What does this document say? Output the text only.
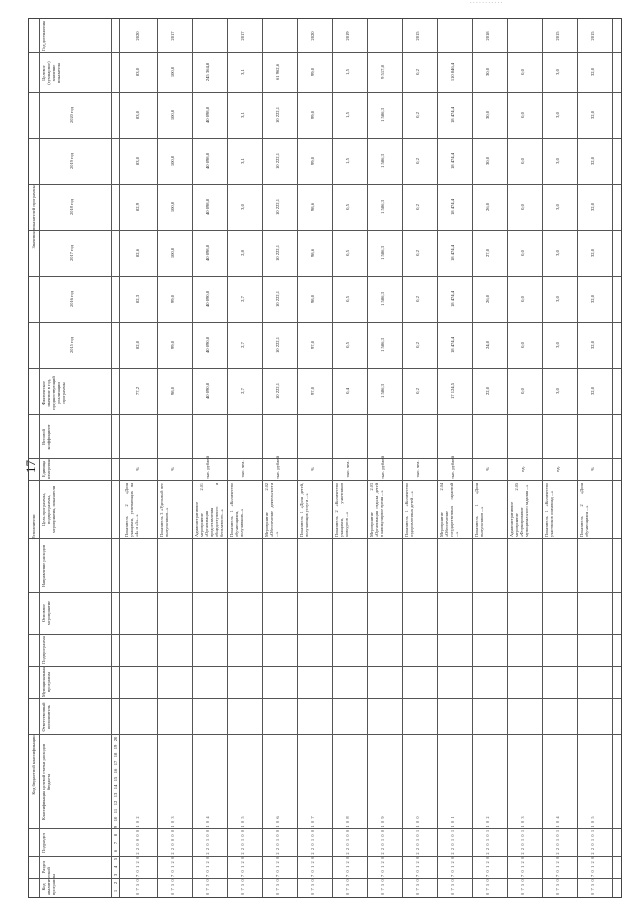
· · · · · · · · · · ·
17
Код бюджетной классификации
Код аналитической программы
Раздел
Подраздел
Классификация целевой статьи расходов бюджета
Ответственный исполнитель
Исполнители
Муниципальная программа
Подпрограмма
Основное мероприятие
Направление расходов
Цель программы, подпрограммы, мероприятия, показатели
Единица измерения
Весовой коэффициент
Фактическое значение в год, предшествующий реализации программы
Значения показателей программы
2015 год
2016 год
2017 год
2018 год
2019 год
2020 год
Целевое (суммарное) значение показателя
Год достижения
1
2
3
4
5
6
7
8
9
10
11
12
13
14
15
16
17
18
19
20
0 7 5 0 7 0 1 2 0 2 2 0 0 0 0 1 0 2
Показатель 2 «Доля учащихся, успевающих на «4» и «5»...»
%
77,2
82,0
82,3
82,6
82,9
83,0
83,0
83,0
2020
0 7 5 0 7 0 1 2 0 2 2 0 0 0 0 1 0 3
Показатель 3 «Удельный вес выпускников...»
%
98,0
99,0
99,0
100,0
100,0
100,0
100,0
100,0
2017
0 7 5 0 7 0 1 2 0 2 2 0 1 0 0 1 0 4
Административное мероприятие 2.01 «Организация предоставления общедоступного и бесплатного...»
тыс. рублей
40 090,8
40 090,8
40 090,8
40 098,8
40 098,8
40 098,8
40 098,8
245 364,8
0 7 5 0 7 0 1 2 0 2 2 0 1 0 0 1 0 5
Показатель 1 «Количество обучающихся, получивших...»
тыс. чел.
2,7
2,7
2,7
2,8
3,0
3,1
3,1
3,1
2017
0 7 5 0 7 0 1 2 0 2 2 0 1 0 0 1 0 6
Мероприятие 2.02 «Обеспечение деятельности ...»
тыс. рублей
10 222,1
10 222,1
10 222,1
10 222,1
10 222,1
10 222,1
10 222,1
61 962,6
0 7 5 0 7 0 1 2 0 2 2 0 1 0 0 1 0 7
Показатель 1 «Доля детей, получающих услуги ...»
%
97,0
97,0
98,0
98,6
98,6
99,0
99,0
99,0
2020
0 7 5 0 7 0 1 2 0 2 2 0 1 0 0 1 0 8
Показатель 2 «Количество учащихся, участников конкурсов ...»
тыс. чел.
0,4
0,5
0,5
0,5
0,5
1,5
1,5
1,5
2019
0 7 5 0 7 0 1 2 0 2 2 0 1 0 0 1 0 9
Мероприятие 2.03 «Организация отдыха детей в каникулярное время ...»
тыс. рублей
1 586,3
1 586,3
1 586,3
1 586,3
1 586,3
1 586,3
1 586,3
9 517,8
0 7 5 0 7 0 1 2 0 2 2 0 1 0 1 1 0 0
Показатель 1 «Количество оздоровленных детей ...»
тыс. чел.
0,2
0,2
0,2
0,2
0,2
0,2
0,2
0,2
2015
0 7 5 0 7 0 1 2 0 2 2 0 1 0 1 1 0 1
Мероприятие 2.04 «Обеспечение государственных гарантий ...»
тыс. рублей
17 124,5
18 474,4
18 474,4
18 474,4
18 474,4
18 474,4
18 474,4
110 846,4
0 7 5 0 7 0 1 2 0 2 2 0 1 0 1 1 0 2
Показатель 1 «Доля выпускников ...»
%
22,0
24,0
26,0
27,0
26,0
30,0
30,0
30,0
2018
0 7 5 0 7 0 1 2 0 2 2 0 1 0 1 1 0 3
Административное мероприятие 2.05 «Формирование муниципального задания ...»
ед.
0,0
0,0
0,0
0,0
0,0
0,0
0,0
0,0
0 7 5 0 7 0 1 2 0 2 2 0 1 0 1 1 0 4
Показатель 1 «Количество участников олимпиад ...»
ед.
3,0
3,0
3,0
3,0
3,0
3,0
3,0
3,0
2015
0 7 5 0 7 0 1 2 0 2 2 0 1 0 1 1 0 5
Показатель 2 «Доля обучающихся ...»
%
32,0
32,0
32,0
32,0
32,0
32,0
32,0
32,0
2015
